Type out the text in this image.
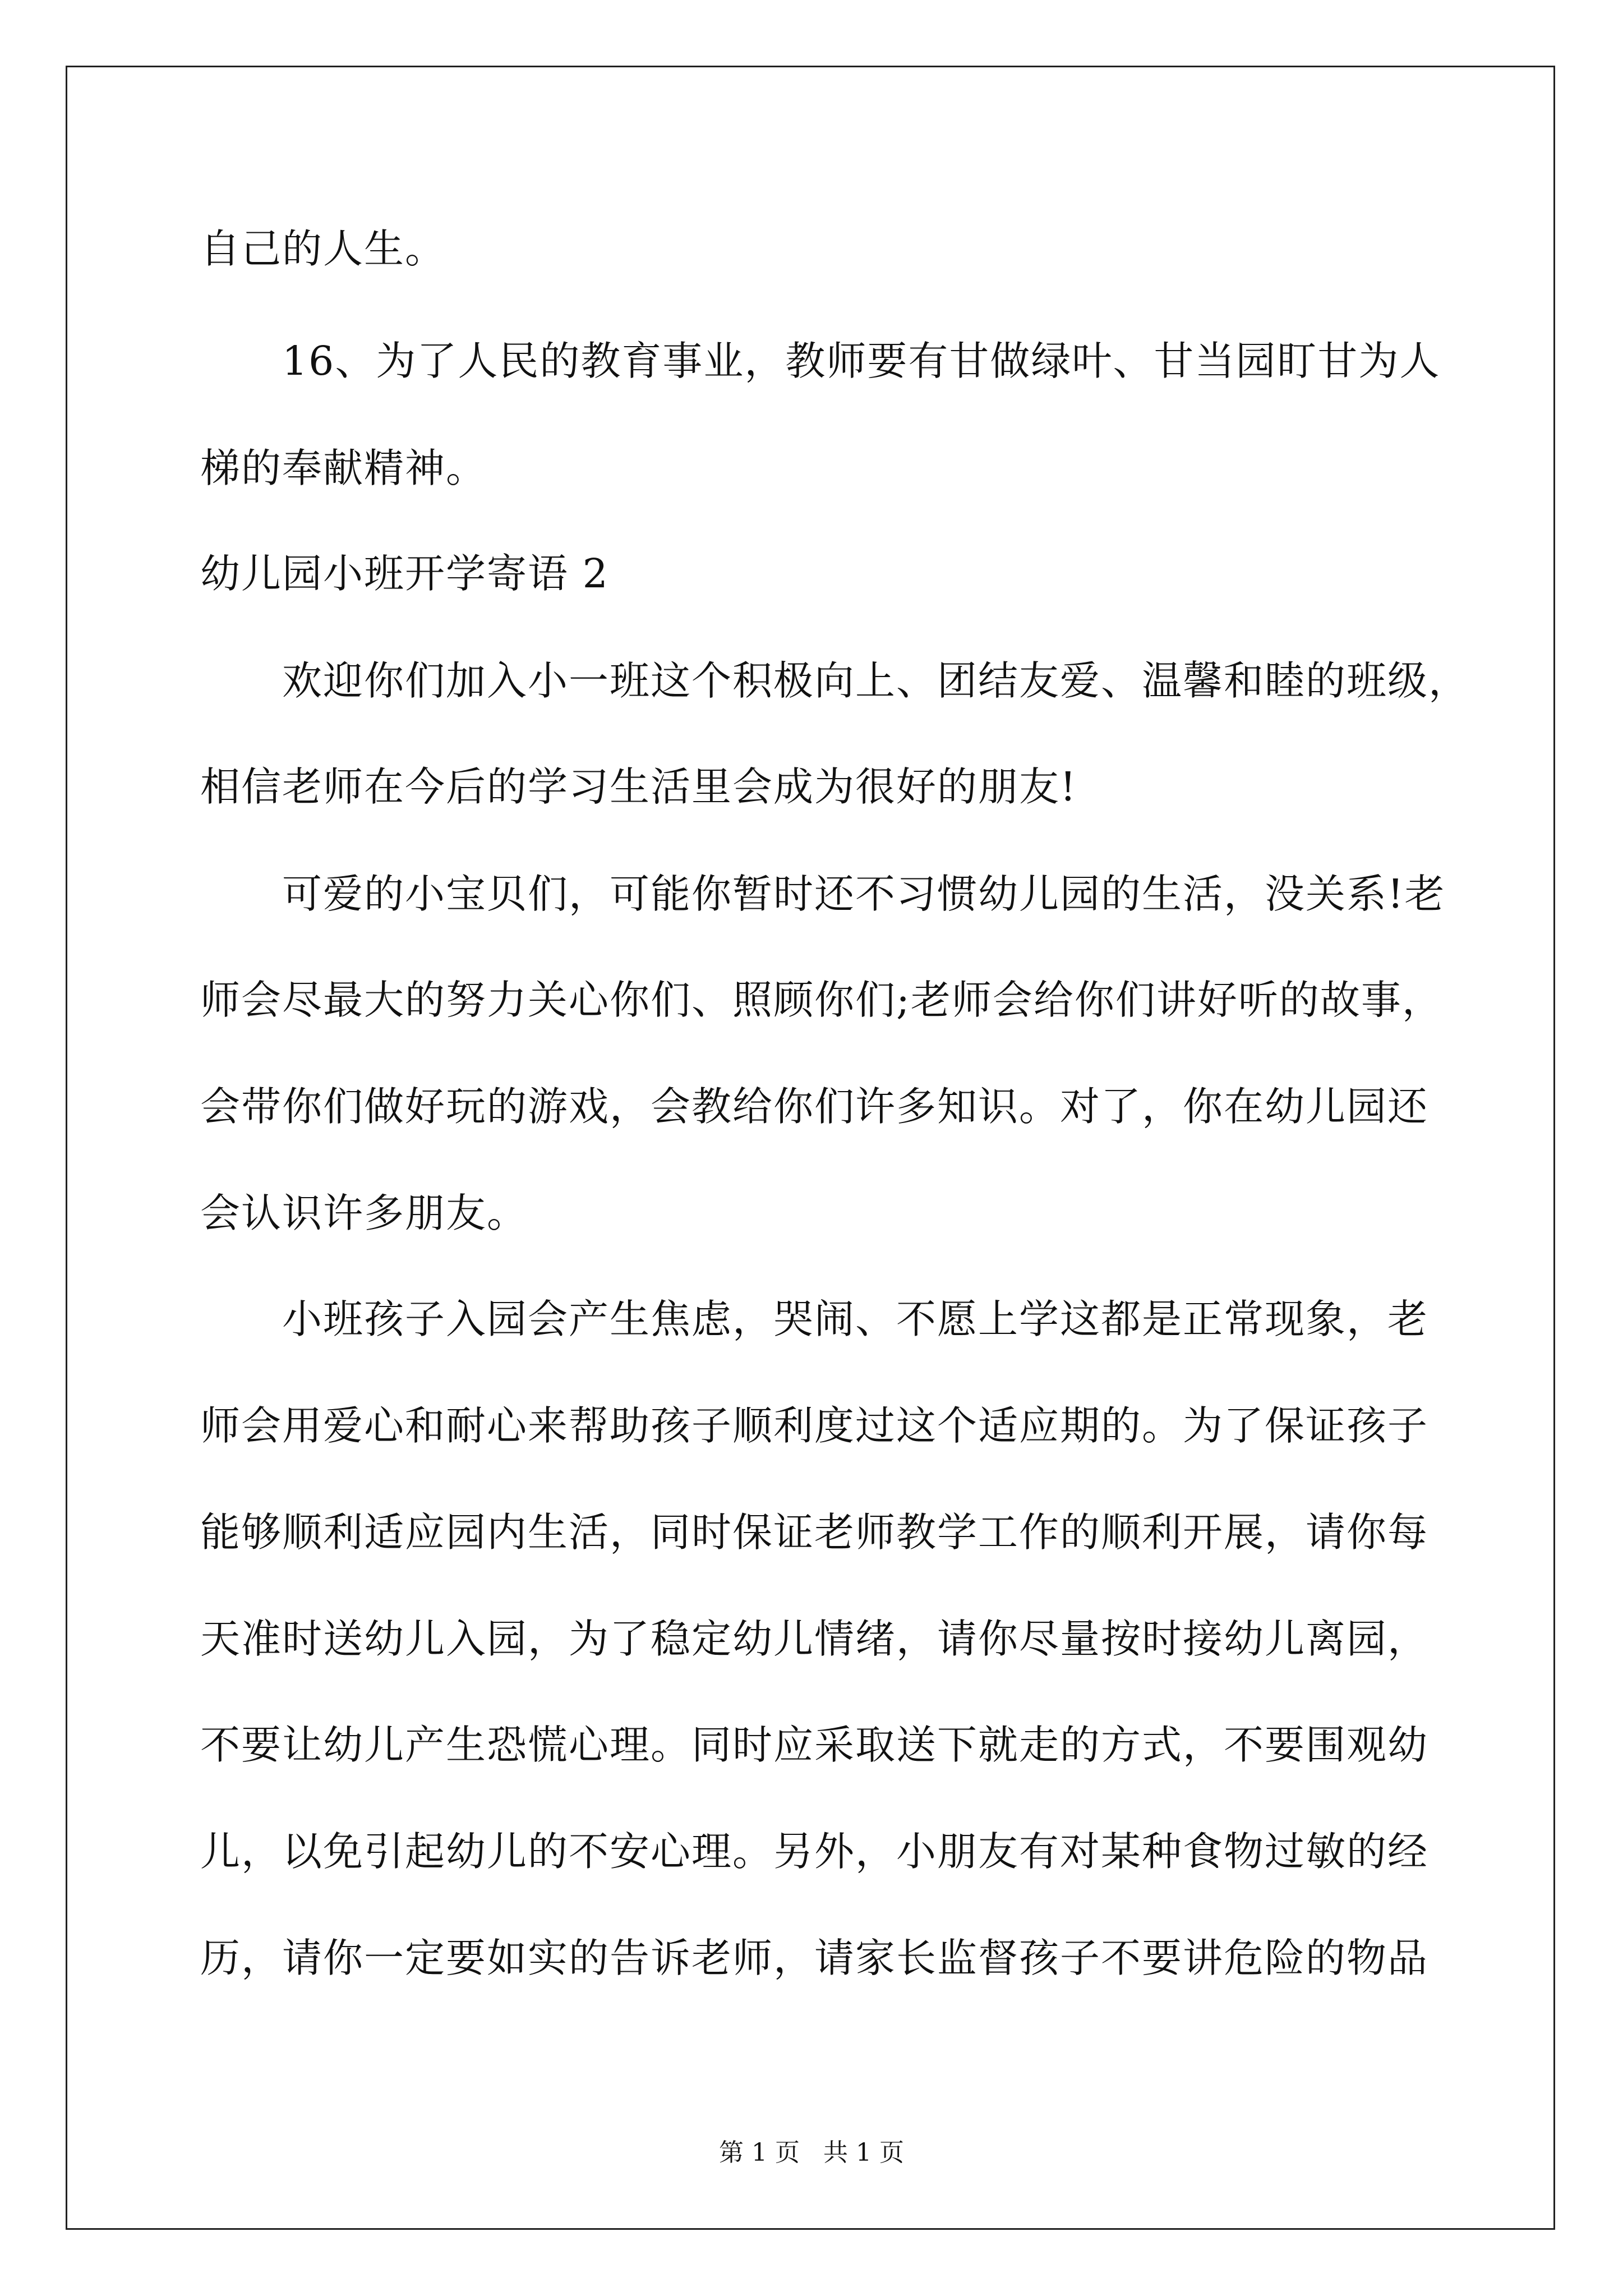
自己的人生。
16、为了人民的教育事业，教师要有甘做绿叶、甘当园盯甘为人
梯的奉献精神。
幼儿园小班开学寄语 2
欢迎你们加入小一班这个积极向上、团结友爱、温馨和睦的班级，
相信老师在今后的学习生活里会成为很好的朋友!
可爱的小宝贝们，可能你暂时还不习惯幼儿园的生活，没关系!老
师会尽最大的努力关心你们、照顾你们;老师会给你们讲好听的故事，
会带你们做好玩的游戏，会教给你们许多知识。对了，你在幼儿园还
会认识许多朋友。
小班孩子入园会产生焦虑，哭闹、不愿上学这都是正常现象，老
师会用爱心和耐心来帮助孩子顺利度过这个适应期的。为了保证孩子
能够顺利适应园内生活，同时保证老师教学工作的顺利开展，请你每
天准时送幼儿入园，为了稳定幼儿情绪，请你尽量按时接幼儿离园，
不要让幼儿产生恐慌心理。同时应采取送下就走的方式，不要围观幼
儿，以免引起幼儿的不安心理。另外，小朋友有对某种食物过敏的经
历，请你一定要如实的告诉老师，请家长监督孩子不要讲危险的物品
第 1 页   共 1 页
